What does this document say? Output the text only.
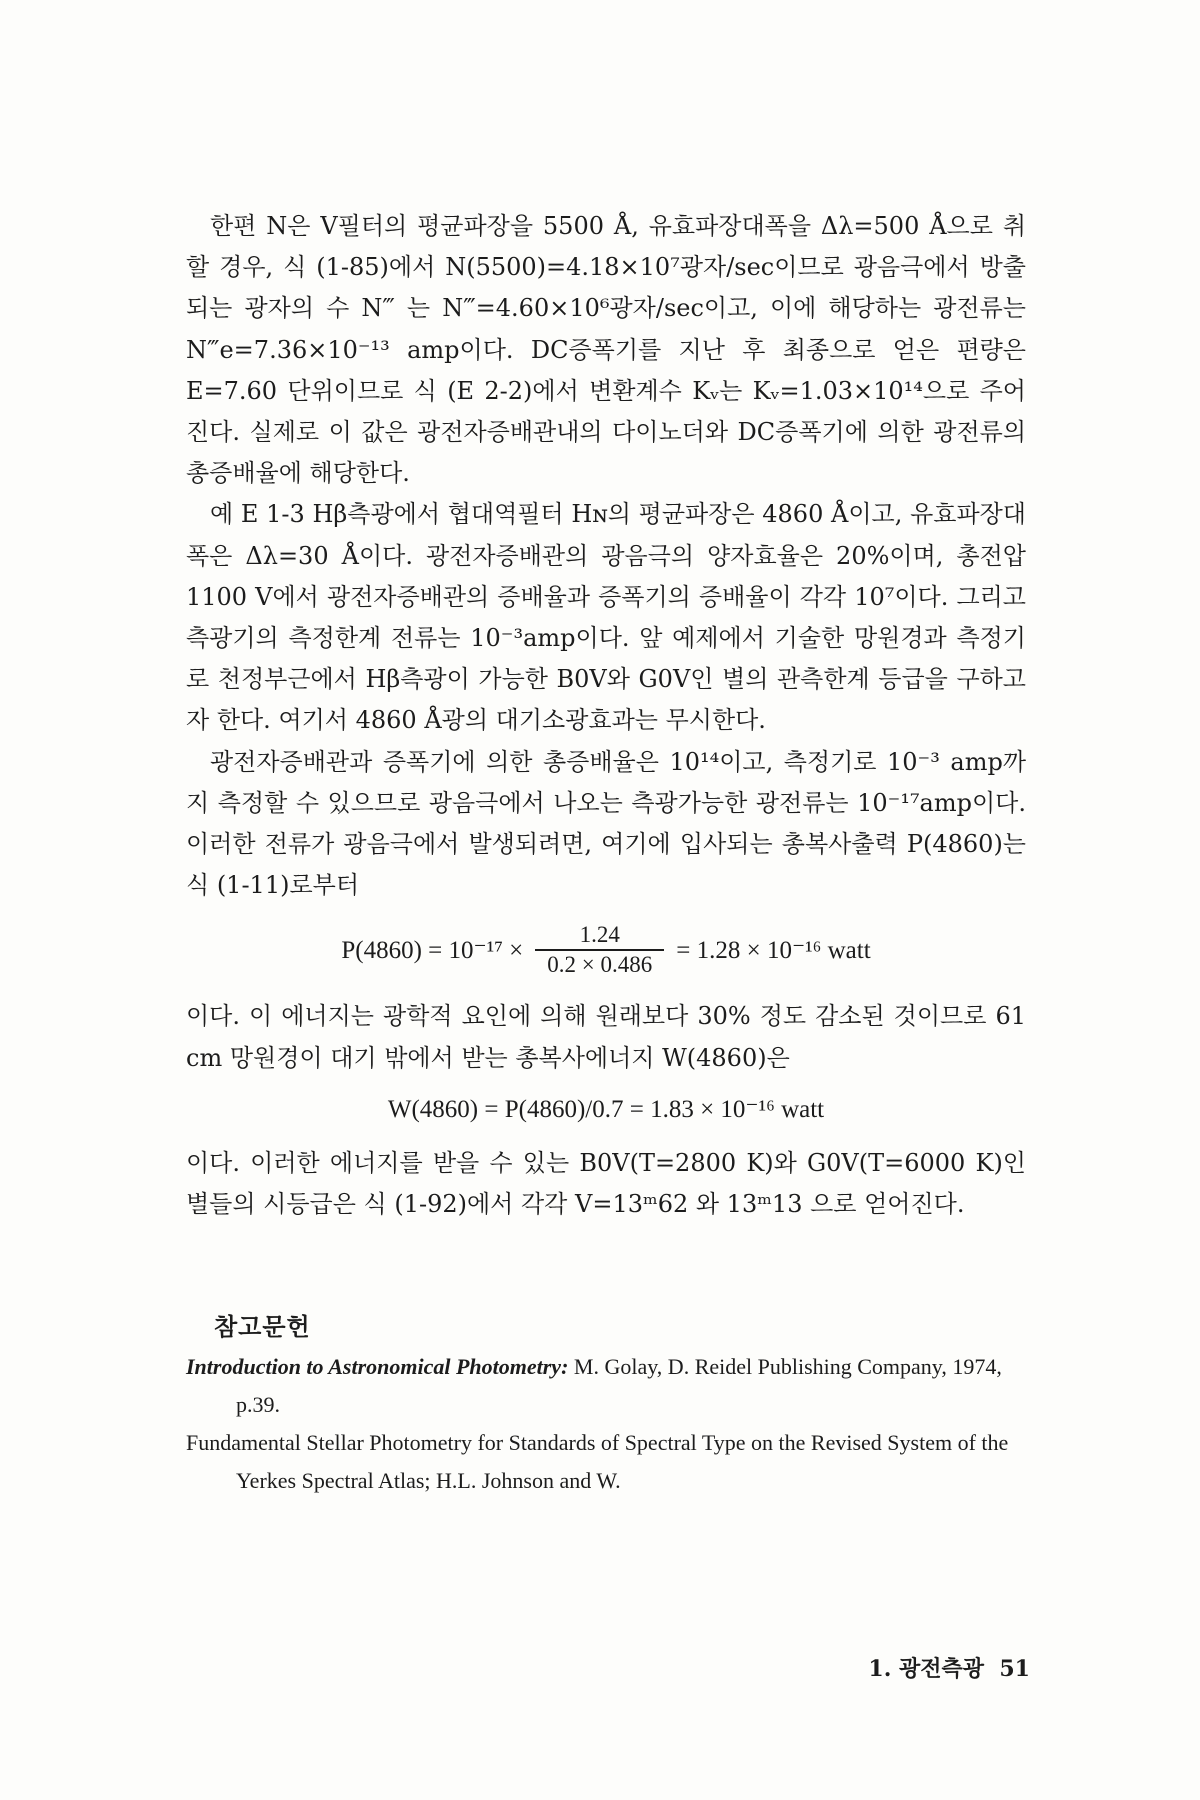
한편 N은 V필터의 평균파장을 5500 Å, 유효파장대폭을 Δλ=500 Å으로 취할 경우, 식 (1-85)에서 N(5500)=4.18×10⁷광자/sec이므로 광음극에서 방출되는 광자의 수 N‴ 는 N‴=4.60×10⁶광자/sec이고, 이에 해당하는 광전류는 N‴e=7.36×10⁻¹³ amp이다. DC증폭기를 지난 후 최종으로 얻은 편량은 E=7.60 단위이므로 식 (E 2-2)에서 변환계수 Kᵥ는 Kᵥ=1.03×10¹⁴으로 주어진다. 실제로 이 값은 광전자증배관내의 다이노더와 DC증폭기에 의한 광전류의 총증배율에 해당한다.

예 E 1-3 Hβ측광에서 협대역필터 Hɴ의 평균파장은 4860 Å이고, 유효파장대폭은 Δλ=30 Å이다. 광전자증배관의 광음극의 양자효율은 20%이며, 총전압 1100 V에서 광전자증배관의 증배율과 증폭기의 증배율이 각각 10⁷이다. 그리고 측광기의 측정한계 전류는 10⁻³amp이다. 앞 예제에서 기술한 망원경과 측정기로 천정부근에서 Hβ측광이 가능한 B0V와 G0V인 별의 관측한계 등급을 구하고자 한다. 여기서 4860 Å광의 대기소광효과는 무시한다.

광전자증배관과 증폭기에 의한 총증배율은 10¹⁴이고, 측정기로 10⁻³ amp까지 측정할 수 있으므로 광음극에서 나오는 측광가능한 광전류는 10⁻¹⁷amp이다. 이러한 전류가 광음극에서 발생되려면, 여기에 입사되는 총복사출력 P(4860)는 식 (1-11)로부터

$P(4860) = 10^{-17} \times \frac{1.24}{0.2 \times 0.486} = 1.28 \times 10^{-16}$ watt

이다. 이 에너지는 광학적 요인에 의해 원래보다 30% 정도 감소된 것이므로 61 cm 망원경이 대기 밖에서 받는 총복사에너지 W(4860)은

W(4860) = P(4860)/0.7 = 1.83 × 10⁻¹⁶ watt

이다. 이러한 에너지를 받을 수 있는 B0V(T=2800 K)와 G0V(T=6000 K)인 별들의 시등급은 식 (1-92)에서 각각 V=13ᵐ62 와 13ᵐ13 으로 얻어진다.

참고문헌

Introduction to Astronomical Photometry: M. Golay, D. Reidel Publishing Company, 1974, p.39.

Fundamental Stellar Photometry for Standards of Spectral Type on the Revised System of the Yerkes Spectral Atlas; H.L. Johnson and W.

1. 광전측광 51
